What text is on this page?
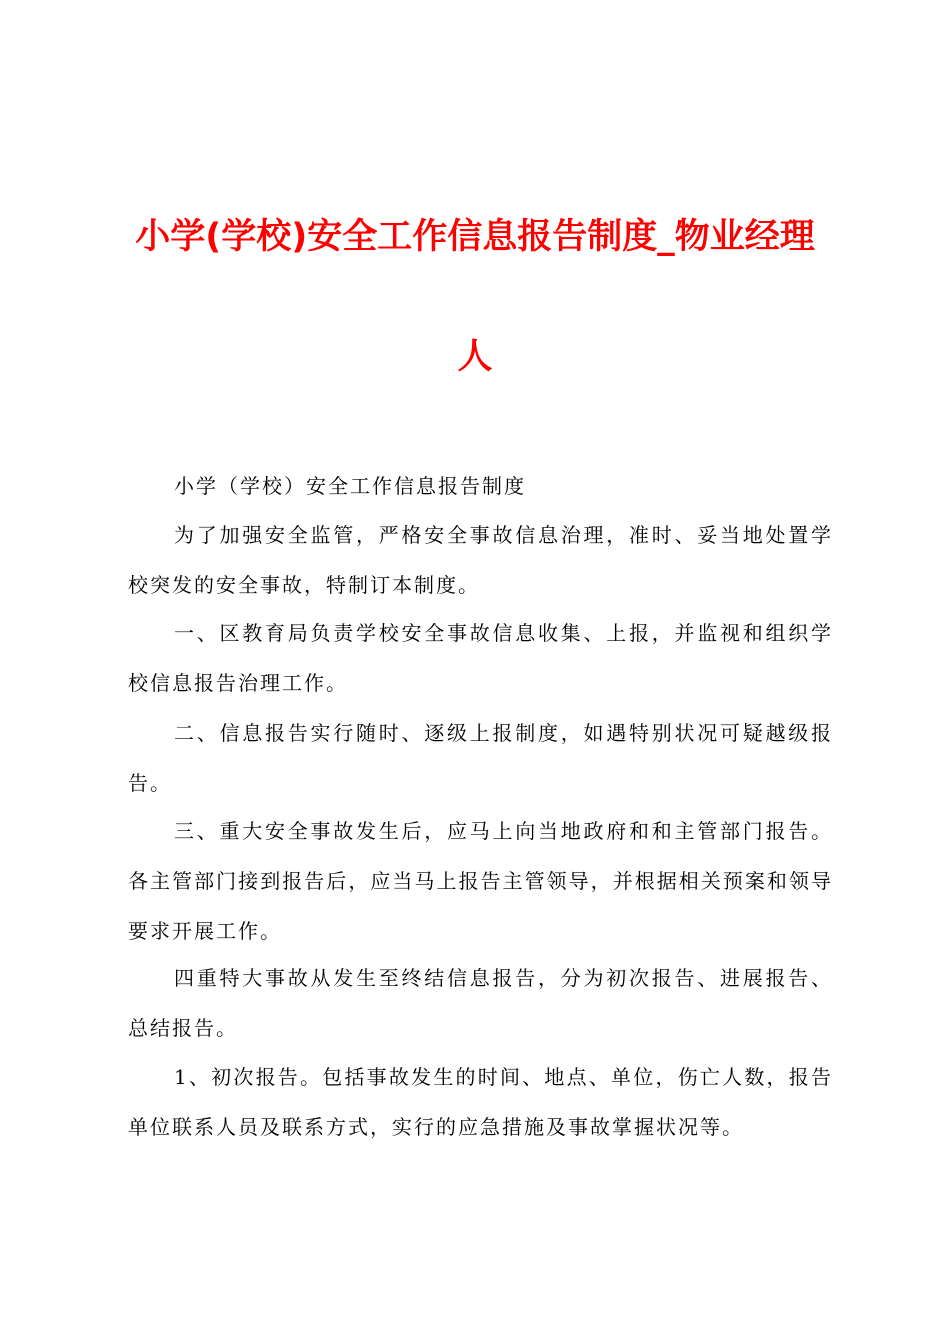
小学(学校)安全工作信息报告制度_物业经理
人

小学（学校）安全工作信息报告制度

为了加强安全监管，严格安全事故信息治理，准时、妥当地处置学校突发的安全事故，特制订本制度。

一、区教育局负责学校安全事故信息收集、上报，并监视和组织学校信息报告治理工作。

二、信息报告实行随时、逐级上报制度，如遇特别状况可疑越级报告。

三、重大安全事故发生后，应马上向当地政府和和主管部门报告。各主管部门接到报告后，应当马上报告主管领导，并根据相关预案和领导要求开展工作。

四重特大事故从发生至终结信息报告，分为初次报告、进展报告、总结报告。

1、初次报告。包括事故发生的时间、地点、单位，伤亡人数，报告单位联系人员及联系方式，实行的应急措施及事故掌握状况等。
